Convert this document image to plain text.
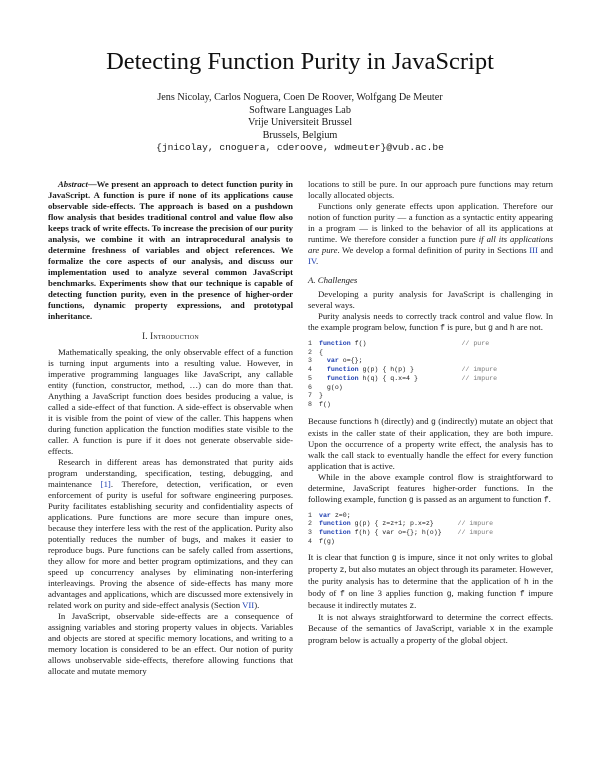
Detecting Function Purity in JavaScript
Jens Nicolay, Carlos Noguera, Coen De Roover, Wolfgang De Meuter
Software Languages Lab
Vrije Universiteit Brussel
Brussels, Belgium
{jnicolay, cnoguera, cderoove, wdmeuter}@vub.ac.be

Abstract—We present an approach to detect function purity in JavaScript. A function is pure if none of its applications cause observable side-effects. The approach is based on a pushdown flow analysis that besides traditional control and value flow also keeps track of write effects. To increase the precision of our purity analysis, we combine it with an intraprocedural analysis to determine freshness of variables and object references. We formalize the core aspects of our analysis, and discuss our implementation used to analyze several common JavaScript benchmarks. Experiments show that our technique is capable of detecting function purity, even in the presence of higher-order functions, dynamic property expressions, and prototypal inheritance.

I. Introduction

Mathematically speaking, the only observable effect of a function is turning input arguments into a resulting value. However, in imperative programming languages like JavaScript, any callable entity (function, constructor, method, …) can do more than that. Anything a JavaScript function does besides producing a value, is called a side-effect of that function. A side-effect is observable when it is visible from the point of view of the caller. This happens when during function application the function modifies state visible to the caller. A function is pure if it does not generate observable side-effects.

Research in different areas has demonstrated that purity aids program understanding, specification, testing, debugging, and maintenance [1]. Therefore, detection, verification, or even enforcement of purity is useful for software engineering purposes. Purity facilitates establishing security and confidentiality aspects of applications. Pure functions are more secure than impure ones, because they interfere less with the rest of the application. Purity also potentially reduces the number of bugs, and makes it easier to reproduce bugs. Pure functions can be safely called from assertions, they allow for more and better program optimizations, and they can speed up concurrency analyses by eliminating non-interfering interleavings. Proving the absence of side-effects has many more advantages and applications, which are discussed more extensively in related work on purity and side-effect analysis (Section VII).

In JavaScript, observable side-effects are a consequence of assigning variables and storing property values in objects. Variables and objects are stored at specific memory locations, and writing to a memory location is considered to be an effect. Our notion of purity allows unobservable side-effects, therefore allowing functions that allocate and mutate memory

locations to still be pure. In our approach pure functions may return locally allocated objects.

Functions only generate effects upon application. Therefore our notion of function purity — a function as a syntactic entity appearing in a program — is linked to the behavior of all its applications at runtime. We therefore consider a function pure if all its applications are pure. We develop a formal definition of purity in Sections III and IV.

A. Challenges

Developing a purity analysis for JavaScript is challenging in several ways.

Purity analysis needs to correctly track control and value flow. In the example program below, function f is pure, but g and h are not.

1 function f()	// pure
2 {
3  var o={};
4  function g(p) { h(p) }	// impure
5  function h(q) { q.x=4 }	// impure
6  g(o)
7 }
8 f()

Because functions h (directly) and g (indirectly) mutate an object that exists in the caller state of their application, they are both impure. Upon the occurrence of a property write effect, the analysis has to walk the call stack to eventually handle the effect for every function application that is active.

While in the above example control flow is straightforward to determine, JavaScript features higher-order functions. In the following example, function g is passed as an argument to function f.

1 var z=0;
2 function g(p) { z=z+1; p.x=z}	// impure
3 function f(h) { var o={}; h(o)} // impure
4 f(g)

It is clear that function g is impure, since it not only writes to global property z, but also mutates an object through its parameter. However, the purity analysis has to determine that the application of h in the body of f on line 3 applies function g, making function f impure because it indirectly mutates z.

It is not always straightforward to determine the correct effects. Because of the semantics of JavaScript, variable x in the example program below is actually a property of the global object.
